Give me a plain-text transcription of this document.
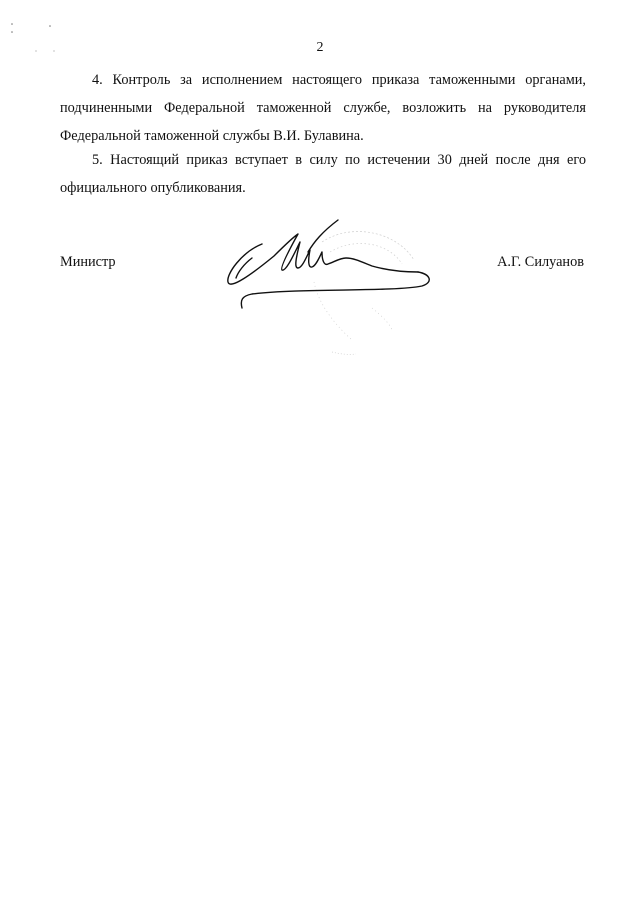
2
4. Контроль за исполнением настоящего приказа таможенными органами,
подчиненными Федеральной таможенной службе, возложить на руководителя
Федеральной таможенной службы В.И. Булавина.
5. Настоящий приказ вступает в силу по истечении 30 дней после дня его
официального опубликования.
Министр	А.Г. Силуанов
